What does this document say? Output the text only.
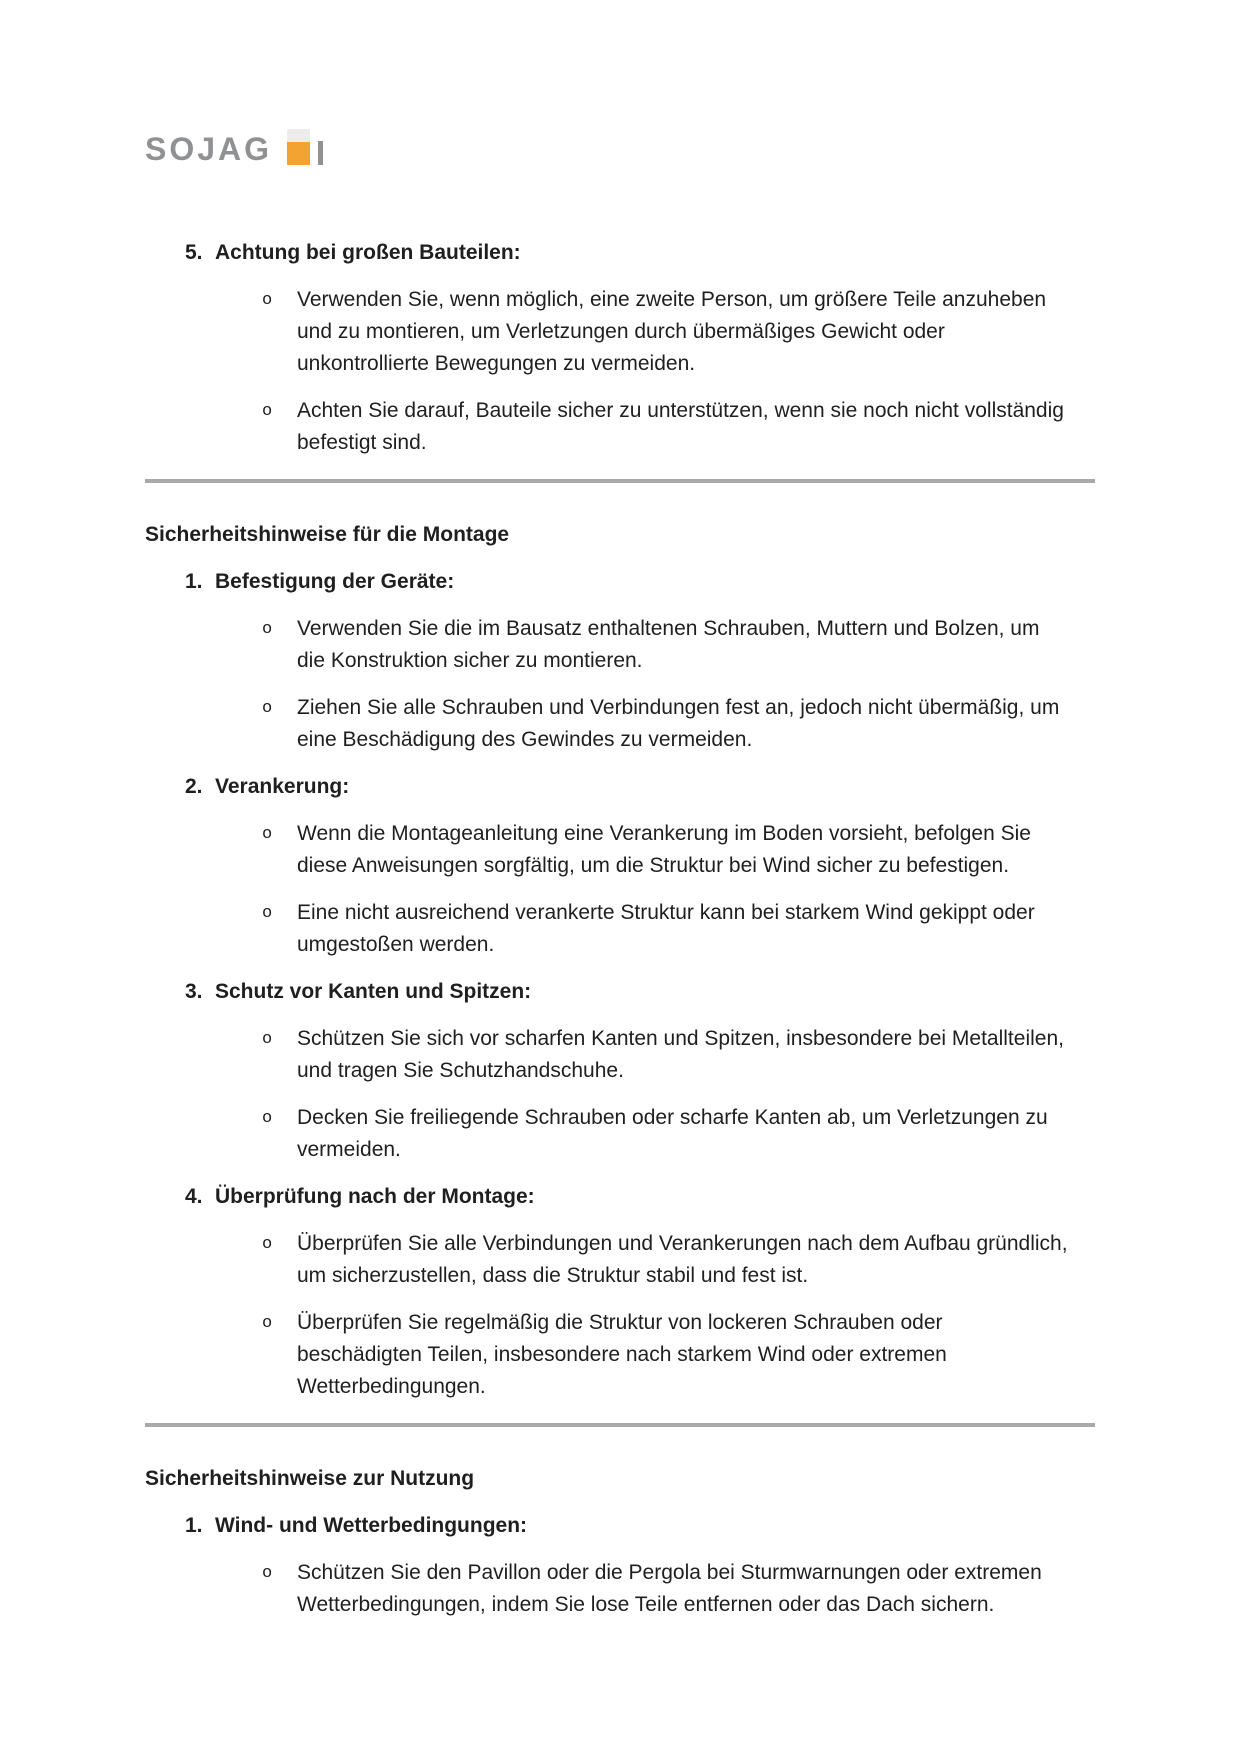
SOJAG
5. Achtung bei großen Bauteilen:
o Verwenden Sie, wenn möglich, eine zweite Person, um größere Teile anzuheben und zu montieren, um Verletzungen durch übermäßiges Gewicht oder unkontrollierte Bewegungen zu vermeiden.

o Achten Sie darauf, Bauteile sicher zu unterstützen, wenn sie noch nicht vollständig befestigt sind.

Sicherheitshinweise für die Montage
1. Befestigung der Geräte:
o Verwenden Sie die im Bausatz enthaltenen Schrauben, Muttern und Bolzen, um die Konstruktion sicher zu montieren.

o Ziehen Sie alle Schrauben und Verbindungen fest an, jedoch nicht übermäßig, um eine Beschädigung des Gewindes zu vermeiden.

2. Verankerung:
o Wenn die Montageanleitung eine Verankerung im Boden vorsieht, befolgen Sie diese Anweisungen sorgfältig, um die Struktur bei Wind sicher zu befestigen.

o Eine nicht ausreichend verankerte Struktur kann bei starkem Wind gekippt oder umgestoßen werden.

3. Schutz vor Kanten und Spitzen:
o Schützen Sie sich vor scharfen Kanten und Spitzen, insbesondere bei Metallteilen, und tragen Sie Schutzhandschuhe.

o Decken Sie freiliegende Schrauben oder scharfe Kanten ab, um Verletzungen zu vermeiden.

4. Überprüfung nach der Montage:
o Überprüfen Sie alle Verbindungen und Verankerungen nach dem Aufbau gründlich, um sicherzustellen, dass die Struktur stabil und fest ist.

o Überprüfen Sie regelmäßig die Struktur von lockeren Schrauben oder beschädigten Teilen, insbesondere nach starkem Wind oder extremen Wetterbedingungen.

Sicherheitshinweise zur Nutzung
1. Wind- und Wetterbedingungen:
o Schützen Sie den Pavillon oder die Pergola bei Sturmwarnungen oder extremen Wetterbedingungen, indem Sie lose Teile entfernen oder das Dach sichern.
